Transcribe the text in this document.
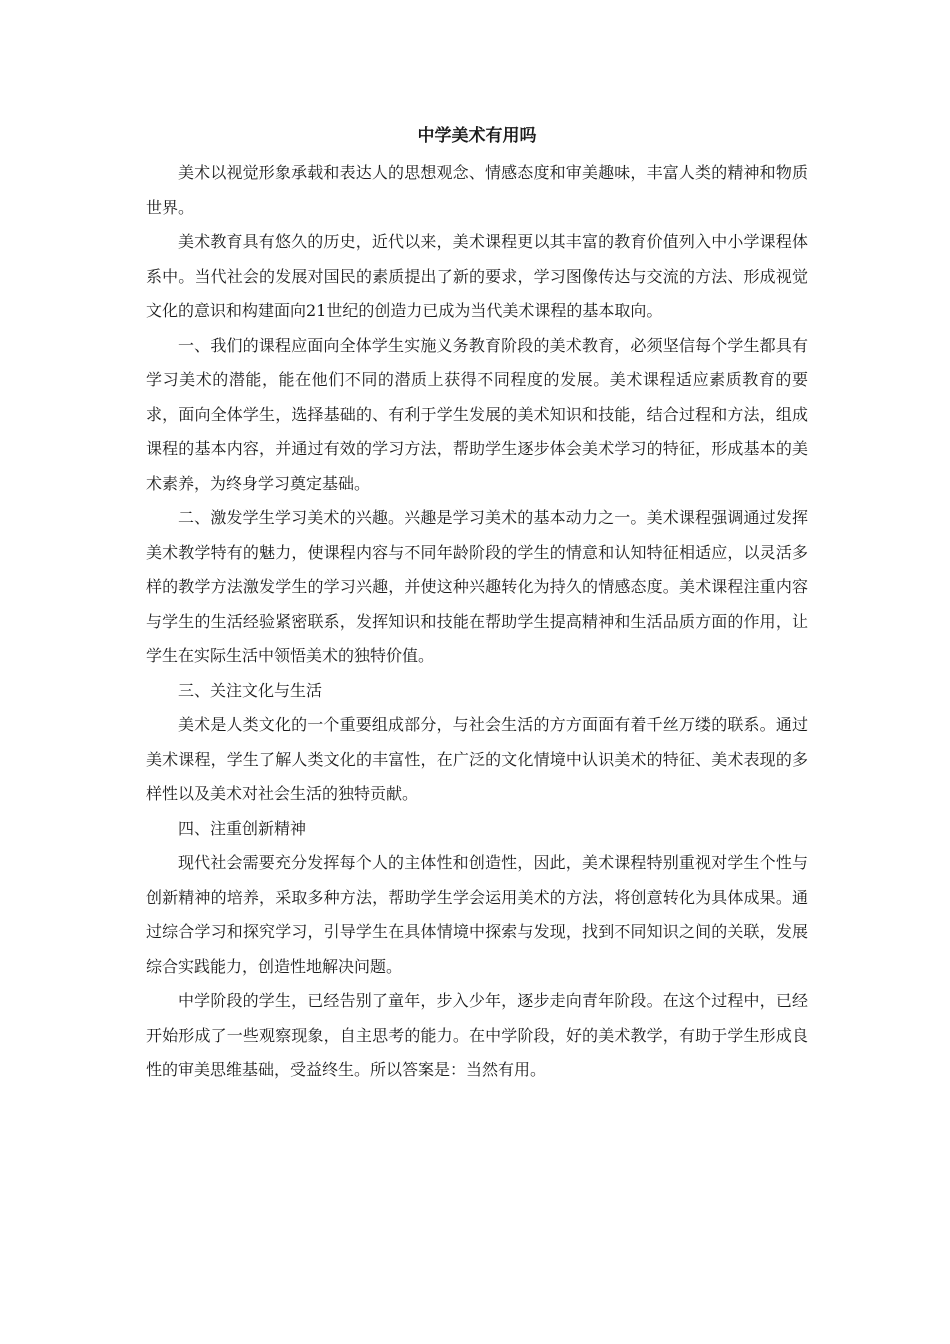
中学美术有用吗

美术以视觉形象承载和表达人的思想观念、情感态度和审美趣味，丰富人类的精神和物质世界。

美术教育具有悠久的历史，近代以来，美术课程更以其丰富的教育价值列入中小学课程体系中。当代社会的发展对国民的素质提出了新的要求，学习图像传达与交流的方法、形成视觉文化的意识和构建面向21世纪的创造力已成为当代美术课程的基本取向。

一、我们的课程应面向全体学生实施义务教育阶段的美术教育，必须坚信每个学生都具有学习美术的潜能，能在他们不同的潜质上获得不同程度的发展。美术课程适应素质教育的要求，面向全体学生，选择基础的、有利于学生发展的美术知识和技能，结合过程和方法，组成课程的基本内容，并通过有效的学习方法，帮助学生逐步体会美术学习的特征，形成基本的美术素养，为终身学习奠定基础。

二、激发学生学习美术的兴趣。兴趣是学习美术的基本动力之一。美术课程强调通过发挥美术教学特有的魅力，使课程内容与不同年龄阶段的学生的情意和认知特征相适应，以灵活多样的教学方法激发学生的学习兴趣，并使这种兴趣转化为持久的情感态度。美术课程注重内容与学生的生活经验紧密联系，发挥知识和技能在帮助学生提高精神和生活品质方面的作用，让学生在实际生活中领悟美术的独特价值。

三、关注文化与生活

美术是人类文化的一个重要组成部分，与社会生活的方方面面有着千丝万缕的联系。通过美术课程，学生了解人类文化的丰富性，在广泛的文化情境中认识美术的特征、美术表现的多样性以及美术对社会生活的独特贡献。

四、注重创新精神

现代社会需要充分发挥每个人的主体性和创造性，因此，美术课程特别重视对学生个性与创新精神的培养，采取多种方法，帮助学生学会运用美术的方法，将创意转化为具体成果。通过综合学习和探究学习，引导学生在具体情境中探索与发现，找到不同知识之间的关联，发展综合实践能力，创造性地解决问题。

中学阶段的学生，已经告别了童年，步入少年，逐步走向青年阶段。在这个过程中，已经开始形成了一些观察现象，自主思考的能力。在中学阶段，好的美术教学，有助于学生形成良性的审美思维基础，受益终生。所以答案是：当然有用。
